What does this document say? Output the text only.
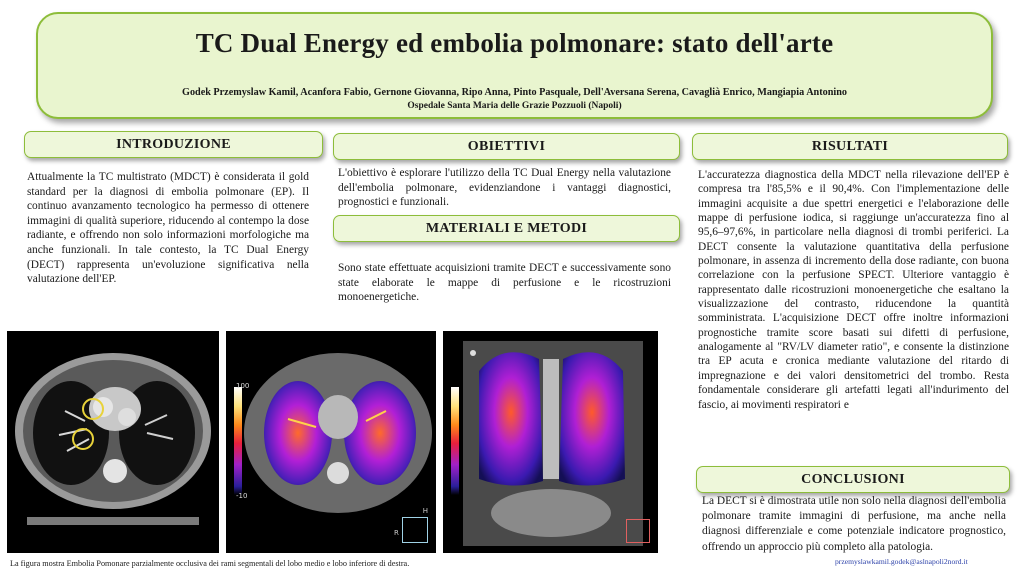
TC Dual Energy ed embolia polmonare: stato dell'arte
Godek Przemyslaw Kamil, Acanfora Fabio, Gernone Giovanna, Ripo Anna, Pinto Pasquale, Dell'Aversana Serena, Cavaglià Enrico, Mangiapia Antonino
Ospedale Santa Maria delle Grazie Pozzuoli (Napoli)
INTRODUZIONE	OBIETTIVI
MATERIALI E METODI
RISULTATI
CONCLUSIONI
Attualmente la TC multistrato (MDCT) è considerata il gold standard per la diagnosi di embolia polmonare (EP). Il continuo avanzamento tecnologico ha permesso di ottenere immagini di qualità superiore, riducendo al contempo la dose radiante, e offrendo non solo informazioni morfologiche ma anche funzionali. In tale contesto, la TC Dual Energy (DECT) rappresenta un'evoluzione significativa nella valutazione dell'EP.
L'obiettivo è esplorare l'utilizzo della TC Dual Energy nella valutazione dell'embolia polmonare, evidenziandone i vantaggi diagnostici, prognostici e funzionali.
Sono state effettuate acquisizioni tramite DECT e successivamente sono state elaborate le mappe di perfusione e le ricostruzioni monoenergetiche.
L'accuratezza diagnostica della MDCT nella rilevazione dell'EP è compresa tra l'85,5% e il 90,4%. Con l'implementazione delle immagini acquisite a due spettri energetici e l'elaborazione delle mappe di perfusione iodica, si raggiunge un'accuratezza fino al 95,6–97,6%, in particolare nella diagnosi di trombi periferici. La DECT consente la valutazione quantitativa della perfusione polmonare, in assenza di incremento della dose radiante, con buona correlazione con la perfusione SPECT. Ulteriore vantaggio è rappresentato dalle ricostruzioni monoenergetiche che esaltano la visualizzazione del contrasto, riducendone la quantità somministrata. L'acquisizione DECT offre inoltre informazioni prognostiche tramite score basati sui difetti di perfusione, analogamente al "RV/LV diameter ratio", e consente la distinzione tra EP acuta e cronica mediante valutazione del ritardo di impregnazione e dei valori densitometrici del trombo. Resta fondamentale considerare gli artefatti legati all'indurimento del fascio, ai movimenti respiratori e
La DECT si è dimostrata utile non solo nella diagnosi dell'embolia polmonare tramite immagini di perfusione, ma anche nella diagnosi differenziale e come potenziale indicatore prognostico, offrendo un approccio più completo alla patologia.
100
-10
R
H
La figura mostra Embolia Pomonare parzialmente occlusiva dei rami segmentali del lobo medio e lobo inferiore di destra.	przemyslawkamil.godek@aslnapoli2nord.it
